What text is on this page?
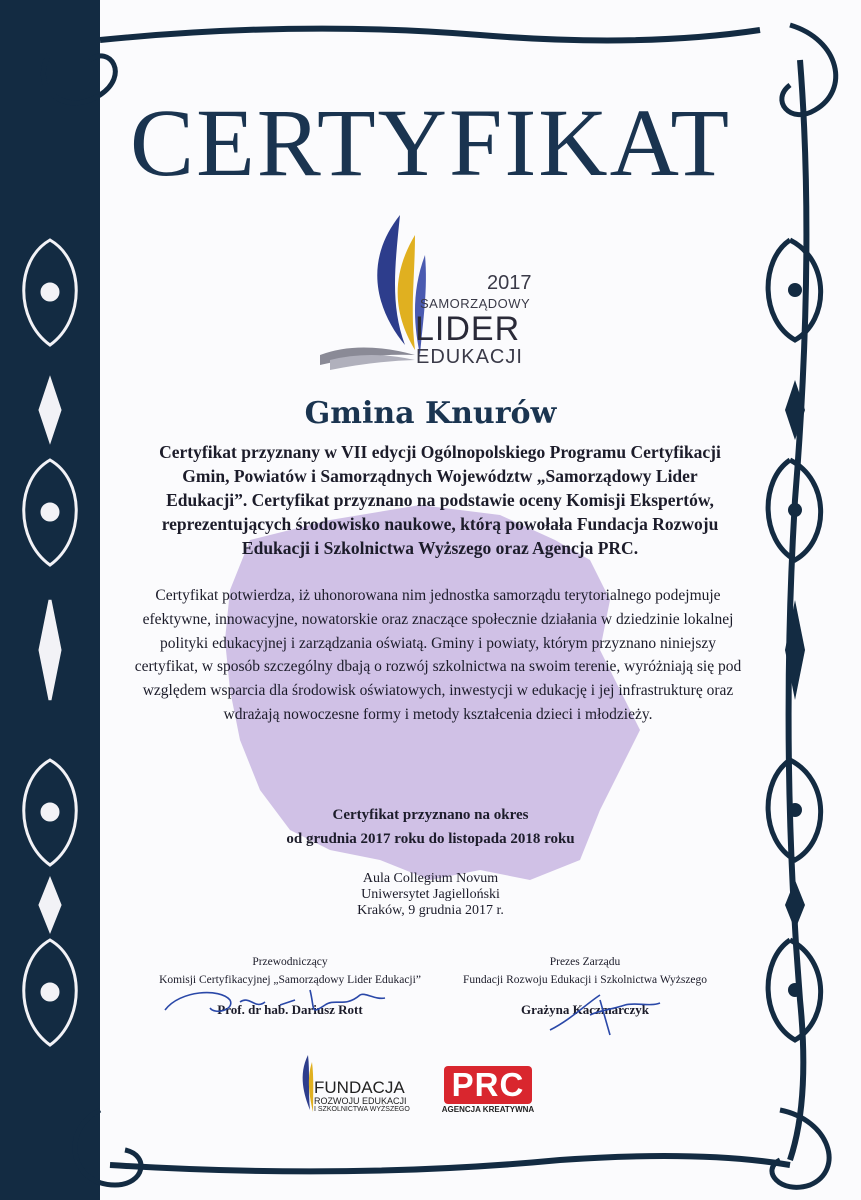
CERTYFIKAT
2017
SAMORZĄDOWY
LIDER
EDUKACJI
Gmina Knurów
Certyfikat przyznany w VII edycji Ogólnopolskiego Programu Certyfikacji Gmin, Powiatów i Samorządnych Województw „Samorządowy Lider Edukacji”. Certyfikat przyznano na podstawie oceny Komisji Ekspertów, reprezentujących środowisko naukowe, którą powołała Fundacja Rozwoju Edukacji i Szkolnictwa Wyższego oraz Agencja PRC.
Certyfikat potwierdza, iż uhonorowana nim jednostka samorządu terytorialnego podejmuje efektywne, innowacyjne, nowatorskie oraz znaczące społecznie działania w dziedzinie lokalnej polityki edukacyjnej i zarządzania oświatą. Gminy i powiaty, którym przyznano niniejszy certyfikat, w sposób szczególny dbają o rozwój szkolnictwa na swoim terenie, wyróżniają się pod względem wsparcia dla środowisk oświatowych, inwestycji w edukację i jej infrastrukturę oraz wdrażają nowoczesne formy i metody kształcenia dzieci i młodzieży.
Certyfikat przyznano na okres
od grudnia 2017 roku do listopada 2018 roku
Aula Collegium Novum
Uniwersytet Jagielloński
Kraków, 9 grudnia 2017 r.
Przewodniczący
Komisji Certyfikacyjnej „Samorządowy Lider Edukacji”
Prof. dr hab. Dariusz Rott
Prezes Zarządu
Fundacji Rozwoju Edukacji i Szkolnictwa Wyższego
Grażyna Kaczmarczyk
FUNDACJA
ROZWOJU EDUKACJI
I SZKOLNICTWA WYŻSZEGO
PRC
AGENCJA KREATYWNA
